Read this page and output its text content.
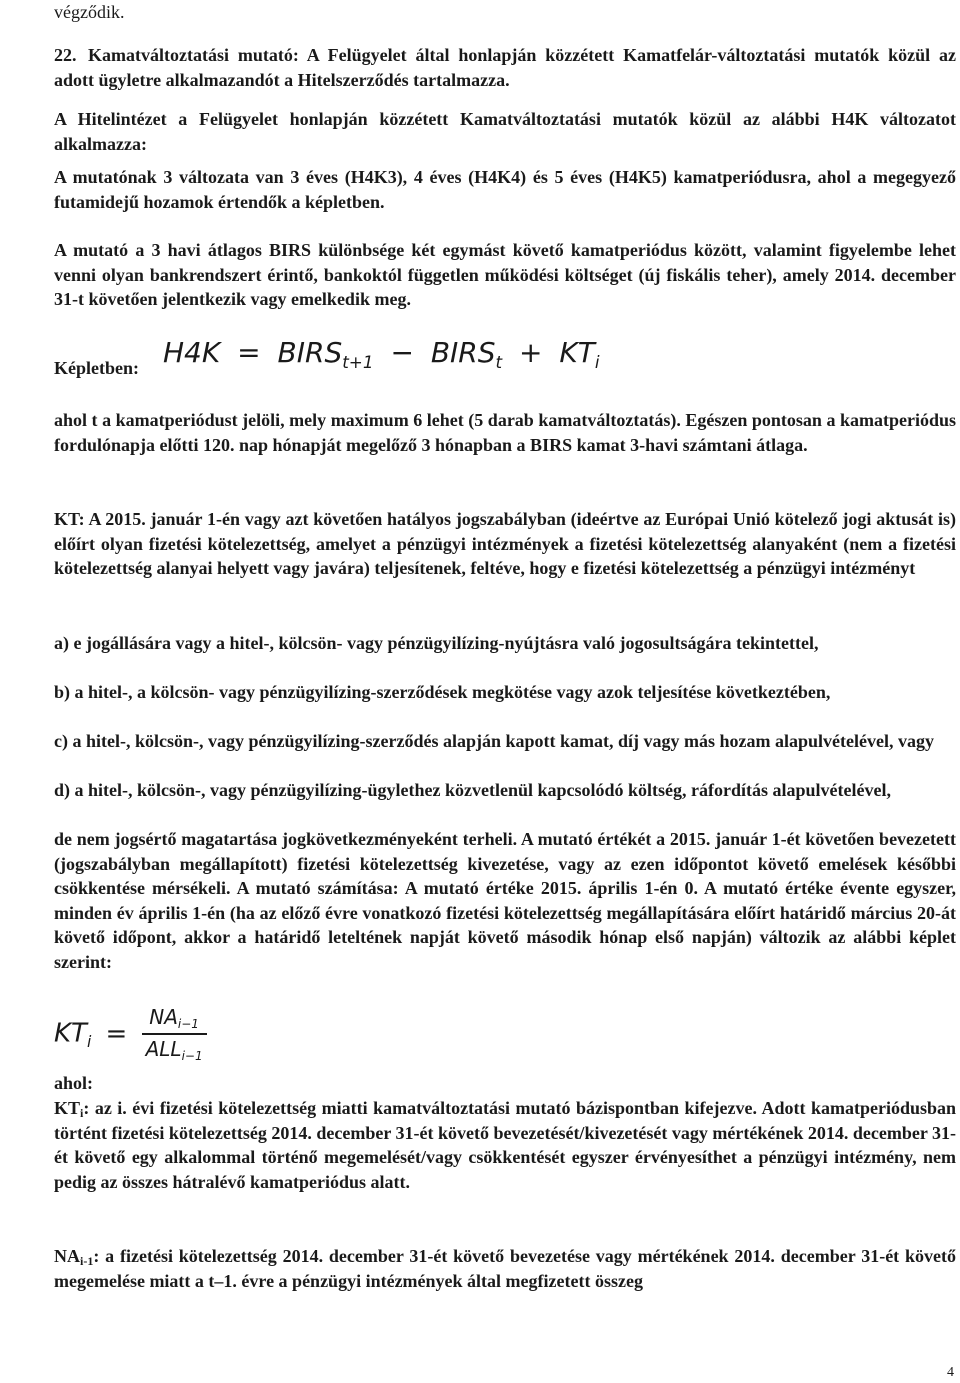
végződik.

22. Kamatváltoztatási mutató: A Felügyelet által honlapján közzétett Kamatfelár-változtatási mutatók közül az adott ügyletre alkalmazandót a Hitelszerződés tartalmazza.

A Hitelintézet a Felügyelet honlapján közzétett Kamatváltoztatási mutatók közül az alábbi H4K változatot alkalmazza:

A mutatónak 3 változata van 3 éves (H4K3), 4 éves (H4K4) és 5 éves (H4K5) kamatperiódusra, ahol a megegyező futamidejű hozamok értendők a képletben.

A mutató a 3 havi átlagos BIRS különbsége két egymást követő kamatperiódus között, valamint figyelembe lehet venni olyan bankrendszert érintő, bankoktól független működési költséget (új fiskális teher), amely 2014. december 31-t követően jelentkezik vagy emelkedik meg.

Képletben: $H4K = BIRS_{t+1}$ − $BIRS_t + KT_i$

ahol t a kamatperiódust jelöli, mely maximum 6 lehet (5 darab kamatváltoztatás). Egészen pontosan a kamatperiódus fordulónapja előtti 120. nap hónapját megelőző 3 hónapban a BIRS kamat 3-havi számtani átlaga.

KT: A 2015. január 1-én vagy azt követően hatályos jogszabályban (ideértve az Európai Unió kötelező jogi aktusát is) előírt olyan fizetési kötelezettség, amelyet a pénzügyi intézmények a fizetési kötelezettség alanyaként (nem a fizetési kötelezettség alanyai helyett vagy javára) teljesítenek, feltéve, hogy e fizetési kötelezettség a pénzügyi intézményt

a) e jogállására vagy a hitel-, kölcsön- vagy pénzügyilízing-nyújtásra való jogosultságára tekintettel,

b) a hitel-, a kölcsön- vagy pénzügyilízing-szerződések megkötése vagy azok teljesítése következtében,

c) a hitel-, kölcsön-, vagy pénzügyilízing-szerződés alapján kapott kamat, díj vagy más hozam alapulvételével, vagy

d) a hitel-, kölcsön-, vagy pénzügyilízing-ügylethez közvetlenül kapcsolódó költség, ráfordítás alapulvételével,

de nem jogsértő magatartása jogkövetkezményeként terheli. A mutató értékét a 2015. január 1-ét követően bevezetett (jogszabályban megállapított) fizetési kötelezettség kivezetése, vagy az ezen időpontot követő emelések későbbi csökkentése mérsékeli. A mutató számítása: A mutató értéke 2015. április 1-én 0. A mutató értéke évente egyszer, minden év április 1-én (ha az előző évre vonatkozó fizetési kötelezettség megállapítására előírt határidő március 20-át követő időpont, akkor a határidő leteltének napját követő második hónap első napján) változik az alábbi képlet szerint:

$KT_i = \frac{NA_{i-1}}{ALL_{i-1}}$

ahol:

$KT_i$: az i. évi fizetési kötelezettség miatti kamatváltoztatási mutató bázispontban kifejezve. Adott kamatperiódusban történt fizetési kötelezettség 2014. december 31-ét követő bevezetését/kivezetését vagy mértékének 2014. december 31-ét követő egy alkalommal történő megemelését/vagy csökkentését egyszer érvényesíthet a pénzügyi intézmény, nem pedig az összes hátralévő kamatperiódus alatt.

$NA_{i-1}$: a fizetési kötelezettség 2014. december 31-ét követő bevezetése vagy mértékének 2014. december 31-ét követő megemelése miatt a t–1. évre a pénzügyi intézmények által megfizetett összeg

4
